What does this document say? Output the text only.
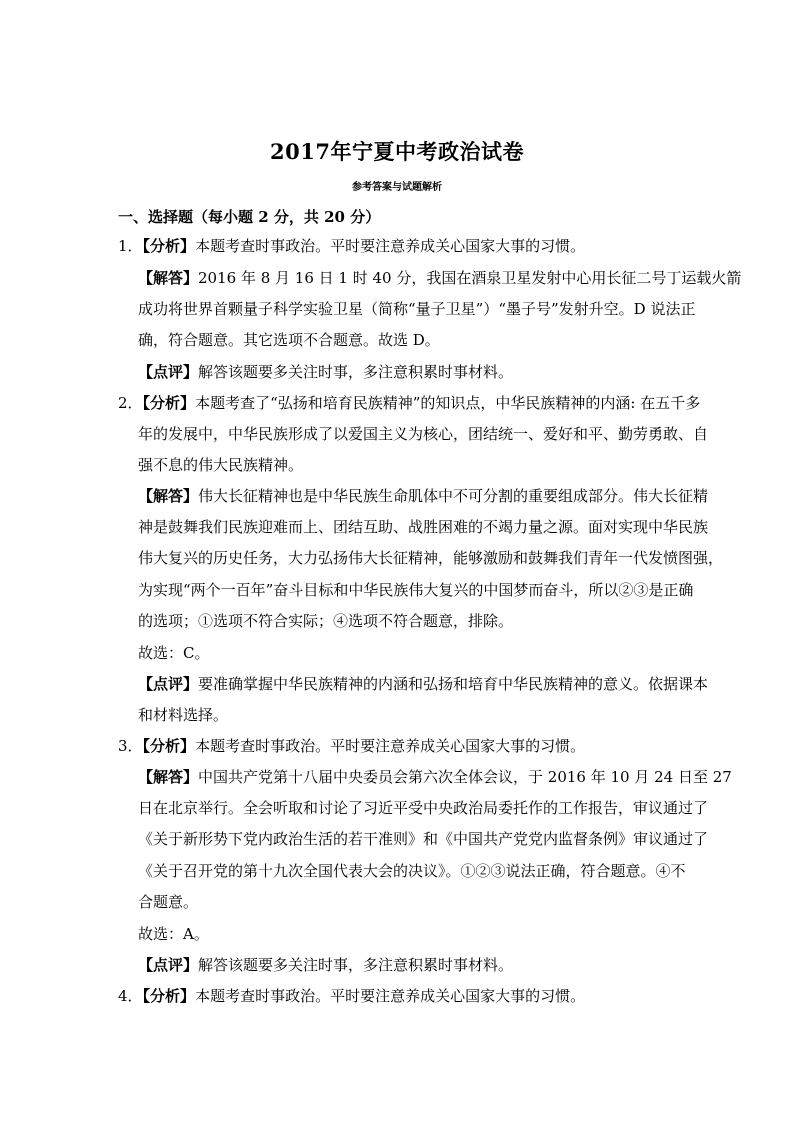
2017年宁夏中考政治试卷
参考答案与试题解析
一、选择题（每小题 2 分，共 20 分）
1．【分析】本题考查时事政治。平时要注意养成关心国家大事的习惯。
【解答】2016 年 8 月 16 日 1 时 40 分，我国在酒泉卫星发射中心用长征二号丁运载火箭
成功将世界首颗量子科学实验卫星（简称“量子卫星”）“墨子号”发射升空。D 说法正
确，符合题意。其它选项不合题意。故选 D。
【点评】解答该题要多关注时事，多注意积累时事材料。
2．【分析】本题考查了“弘扬和培育民族精神”的知识点，中华民族精神的内涵: 在五千多
年的发展中，中华民族形成了以爱国主义为核心，团结统一、爱好和平、勤劳勇敢、自
强不息的伟大民族精神。
【解答】伟大长征精神也是中华民族生命肌体中不可分割的重要组成部分。伟大长征精
神是鼓舞我们民族迎难而上、团结互助、战胜困难的不竭力量之源。面对实现中华民族
伟大复兴的历史任务，大力弘扬伟大长征精神，能够激励和鼓舞我们青年一代发愤图强，
为实现“两个一百年”奋斗目标和中华民族伟大复兴的中国梦而奋斗，所以②③是正确
的选项；①选项不符合实际；④选项不符合题意，排除。
故选：C。
【点评】要准确掌握中华民族精神的内涵和弘扬和培育中华民族精神的意义。依据课本
和材料选择。
3．【分析】本题考查时事政治。平时要注意养成关心国家大事的习惯。
【解答】中国共产党第十八届中央委员会第六次全体会议，于 2016 年 10 月 24 日至 27
日在北京举行。全会听取和讨论了习近平受中央政治局委托作的工作报告，审议通过了
《关于新形势下党内政治生活的若干准则》和《中国共产党党内监督条例》审议通过了
《关于召开党的第十九次全国代表大会的决议》。①②③说法正确，符合题意。④不
合题意。
故选：A。
【点评】解答该题要多关注时事，多注意积累时事材料。
4．【分析】本题考查时事政治。平时要注意养成关心国家大事的习惯。
